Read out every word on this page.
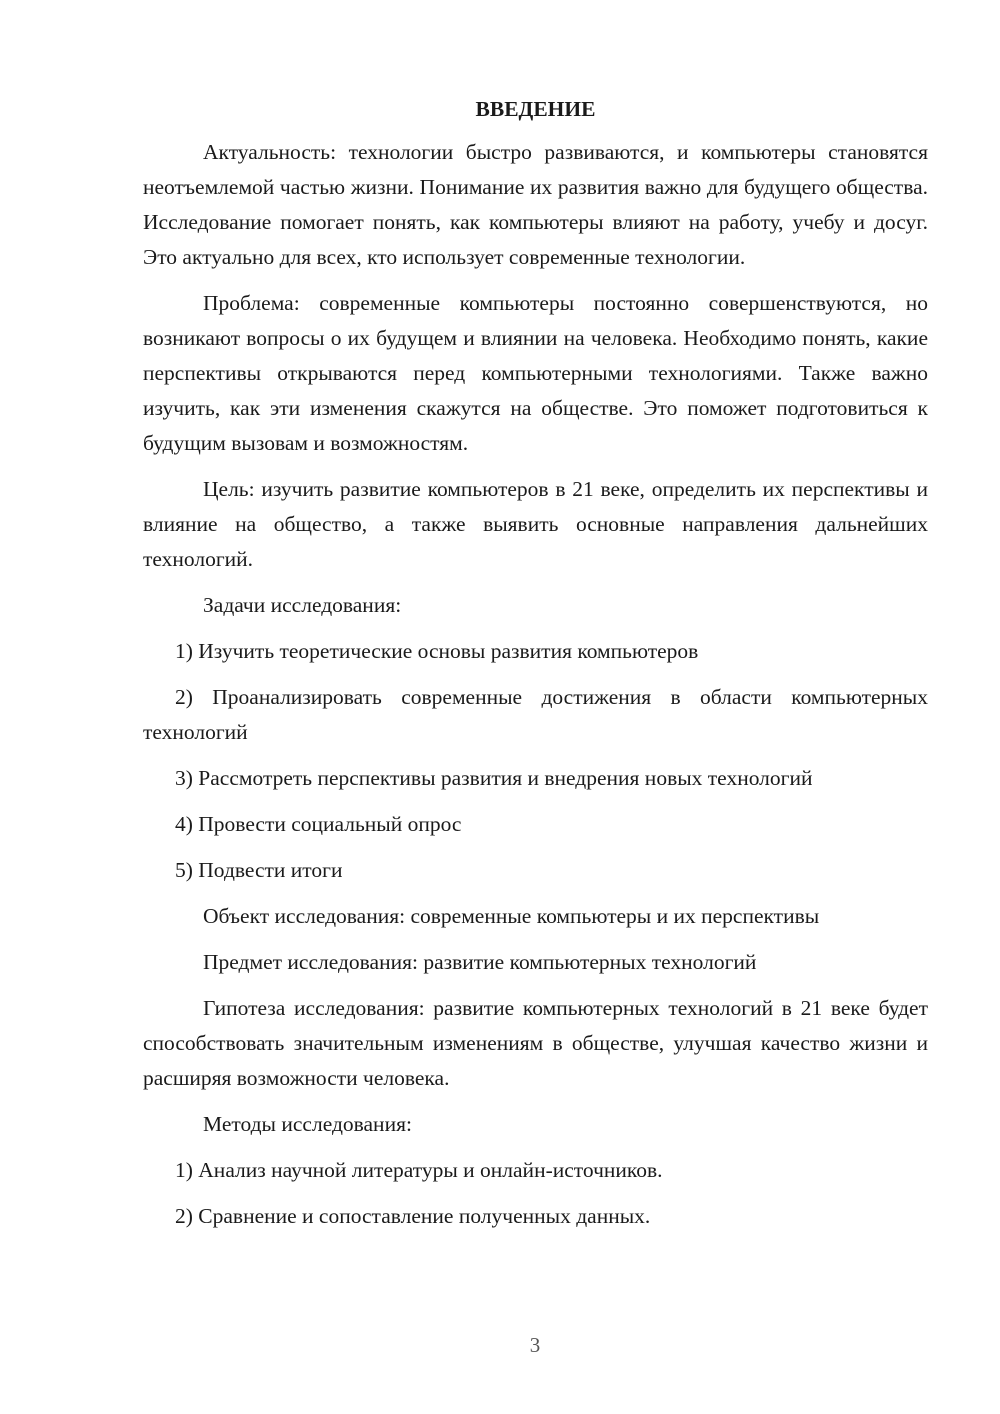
ВВЕДЕНИЕ

Актуальность: технологии быстро развиваются, и компьютеры становятся неотъемлемой частью жизни. Понимание их развития важно для будущего общества. Исследование помогает понять, как компьютеры влияют на работу, учебу и досуг. Это актуально для всех, кто использует современные технологии.

Проблема: современные компьютеры постоянно совершенствуются, но возникают вопросы о их будущем и влиянии на человека. Необходимо понять, какие перспективы открываются перед компьютерными технологиями. Также важно изучить, как эти изменения скажутся на обществе. Это поможет подготовиться к будущим вызовам и возможностям.

Цель: изучить развитие компьютеров в 21 веке, определить их перспективы и влияние на общество, а также выявить основные направления дальнейших технологий.

Задачи исследования:

1) Изучить теоретические основы развития компьютеров

2) Проанализировать современные достижения в области компьютерных технологий

3) Рассмотреть перспективы развития и внедрения новых технологий

4) Провести социальный опрос

5) Подвести итоги

Объект исследования: современные компьютеры и их перспективы

Предмет исследования: развитие компьютерных технологий

Гипотеза исследования: развитие компьютерных технологий в 21 веке будет способствовать значительным изменениям в обществе, улучшая качество жизни и расширяя возможности человека.

Методы исследования:

1) Анализ научной литературы и онлайн-источников.

2) Сравнение и сопоставление полученных данных.

3
